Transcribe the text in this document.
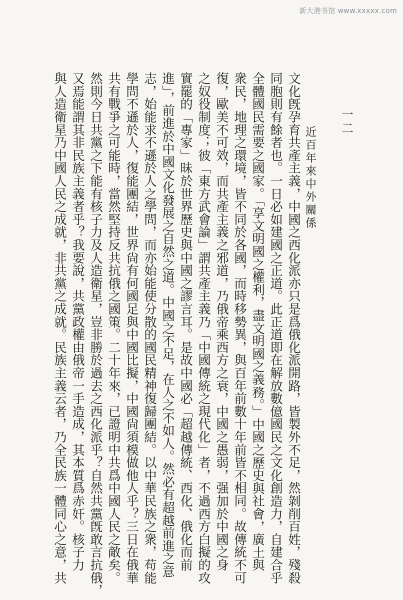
新大港书馆 www.xxxxx.com
一二
近百年來中外關係
文化旣孕育共產主義，中國之西化派亦只是爲俄化派開路，皆製外不足，然剝削百姓，殘殺
同胞則有餘者也。一日必如建國之正道。此正道即在解放數億國民之文化創造力，自建合乎
全體國民需要之國家。「享文明國之權利，盡文明國之義務。」中國之歷史與社會，廣土與
衆民，地理之環境，皆不同於各國，而時移勢異，與百年前數十年前皆不相同。故傳統不可
復，歐美不可效，而共產主義之邪道，乃俄帝乘西方之衰，中國之愚弱，强加於中國之身
之奴役制度；彼「東方武會論」謂共產主義乃「中國傳統之現代化」者，不過西方白擬的攻
實罷的「專家」昧於世界歷史與中國之謬言耳。是故中國必「超越傳統、西化、俄化而前
進」，前進於中國文化發展之自然之道。中國之不足，在人之不如人。然必有超越前進之意
志，始能求不遜於人之學問，而亦始能使分散的國民精神復歸團結。以中華民族之衆，苟能
學問不遜於人，復能團結，世界尙有何國足與中國比擬，中國尙須模做他人乎？三日在俄華
共有戰爭之可能時，當然堅持反共抗俄之國策。二十年來，已證明中共爲中國人民之敵矣。
然則今日共黨之下能有核子力及人造衛星，豈非勝於過去之西化派乎？自然共黨旣敢言抗俄，
又焉能謂其非民族主義者乎？我要說，共黨政權由俄帝一手造成，其本質爲赤奸。核子力
與人造衛星乃中國人民之成就，非共黨之成就。民族主義云者，乃全民族一體同心之意，共
